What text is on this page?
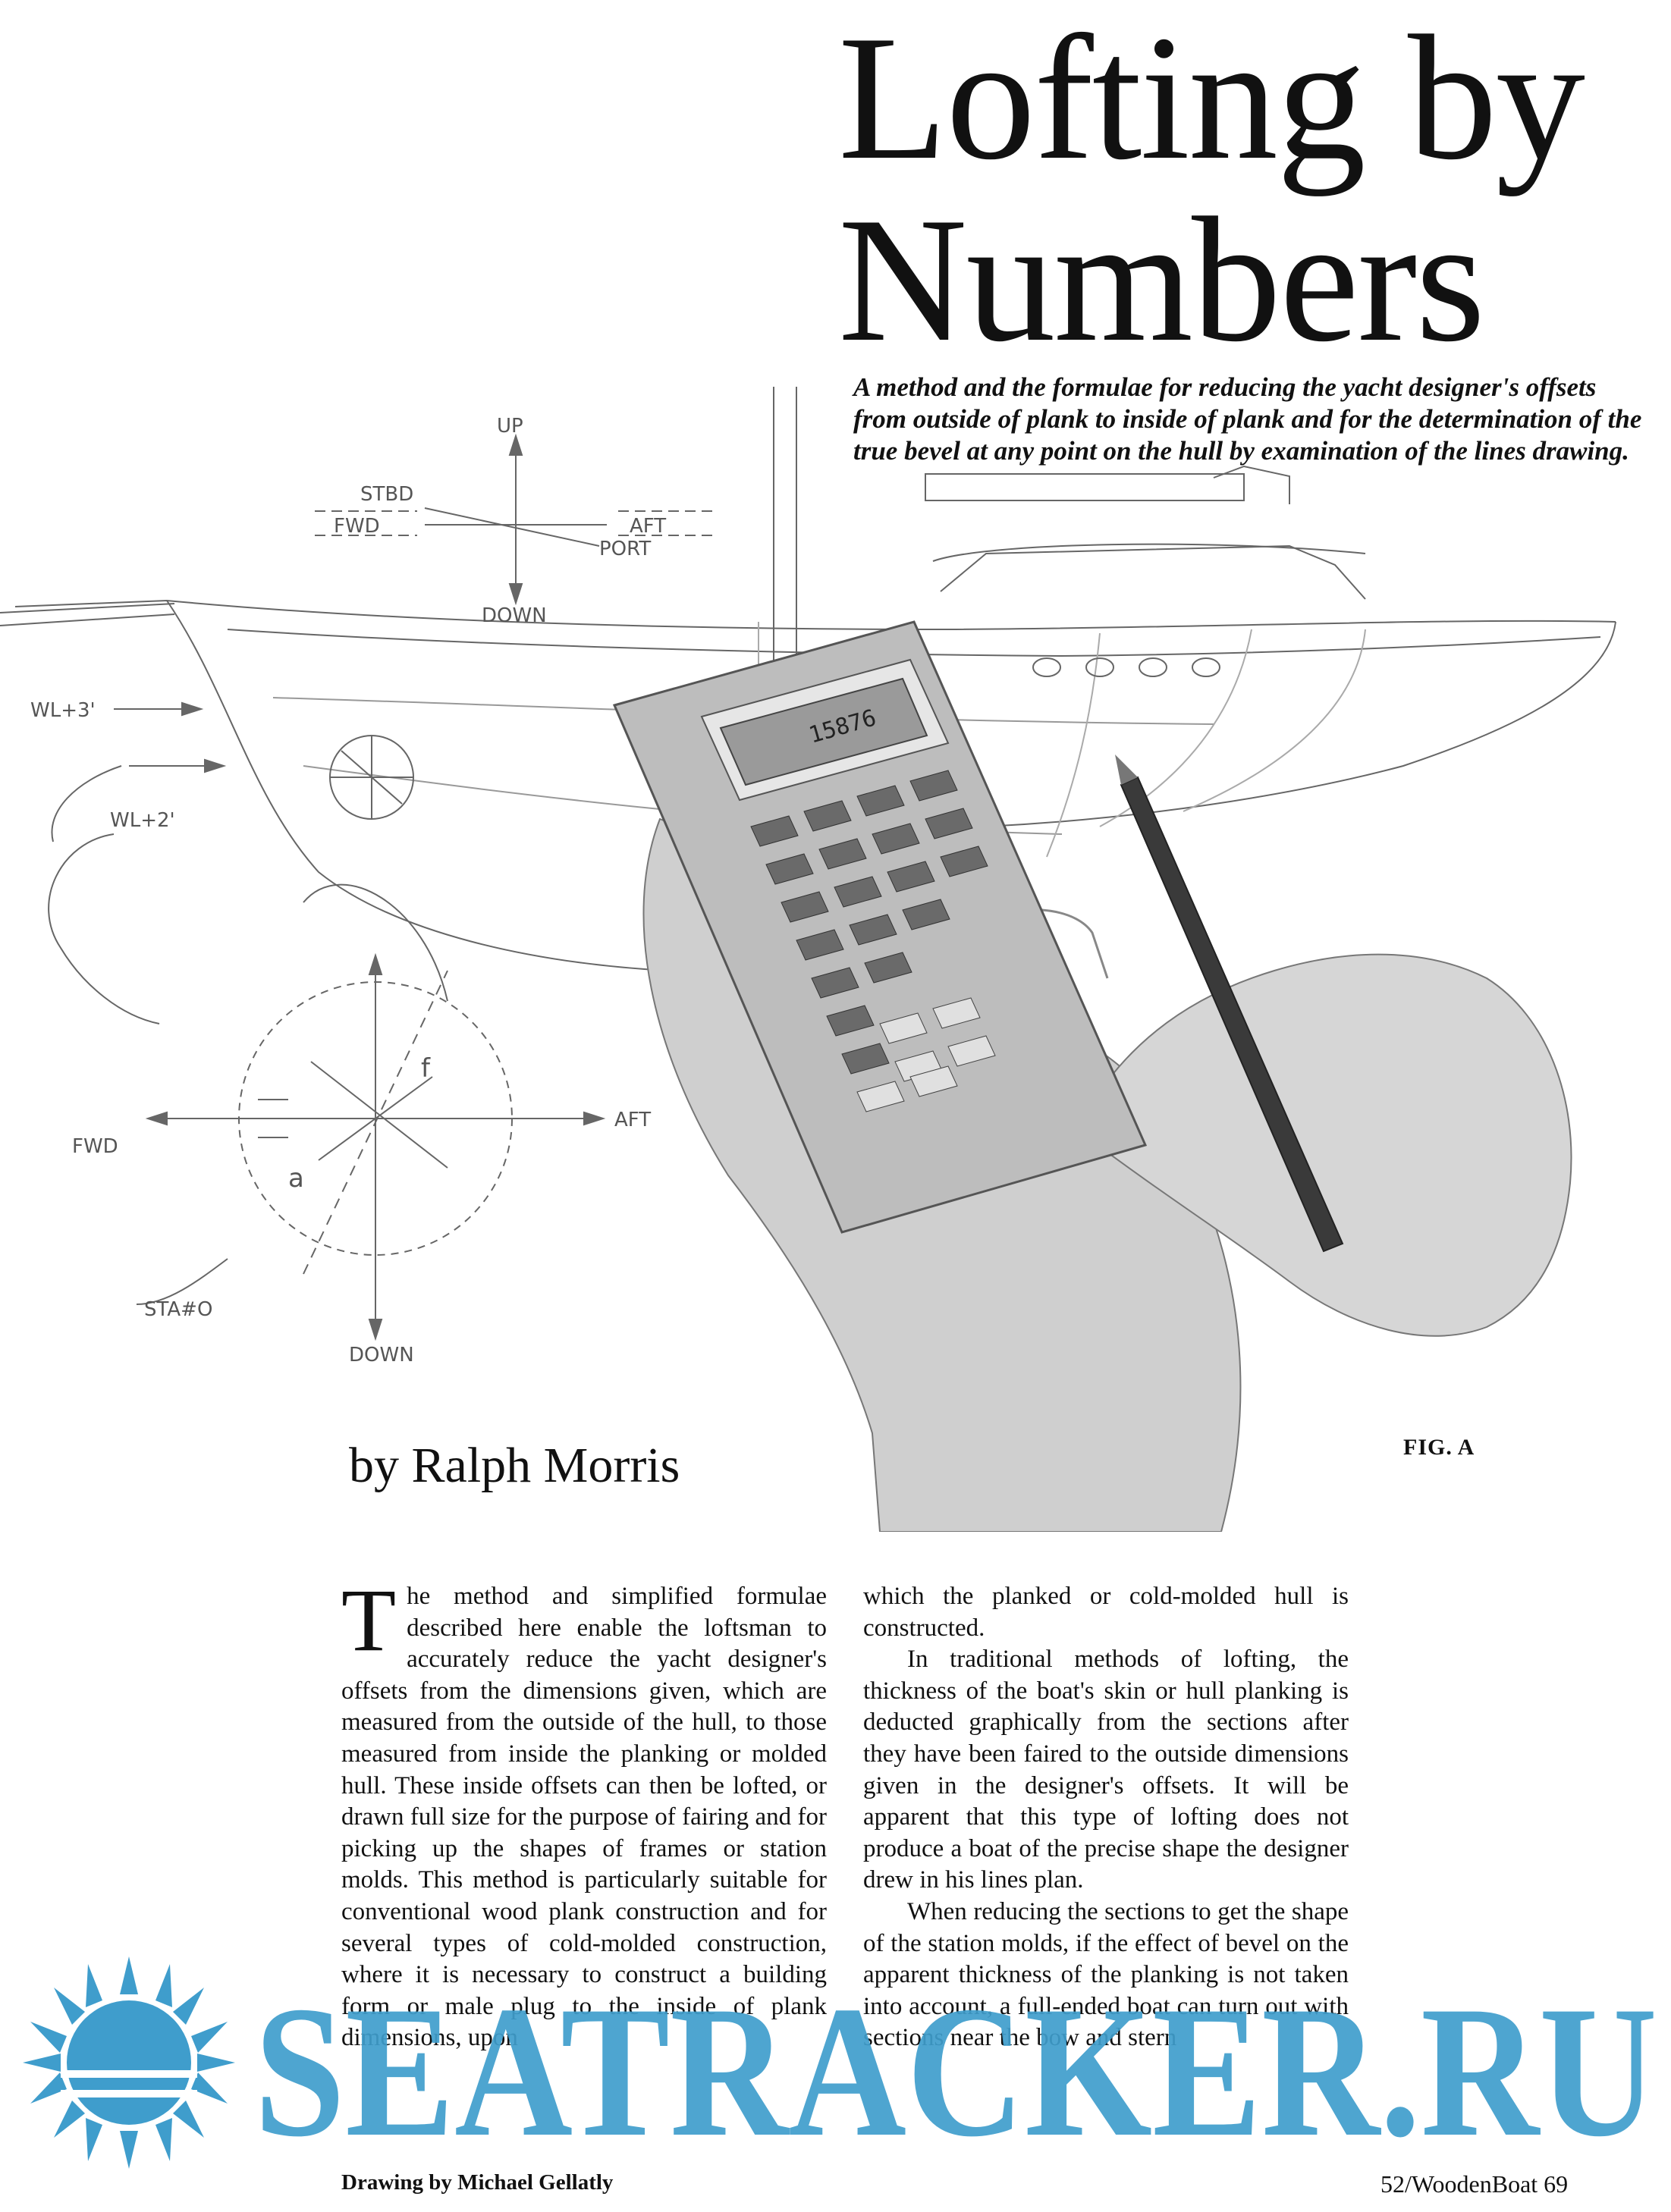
Lofting by
Numbers
UP
STBD
FWD	AFT
PORT
DOWN
WL+3'
WL+2'
f
FWD
AFT
a
STA#O
DOWN
15876

A method and the formulae for reducing the yacht designer's offsets from outside of plank to inside of plank and for the determination of the true bevel at any point on the hull by examination of the lines drawing.

by Ralph Morris	FIG. A

The method and simplified formulae described here enable the loftsman to accurately reduce the yacht designer's offsets from the dimensions given, which are measured from the outside of the hull, to those measured from inside the planking or molded hull. These inside offsets can then be lofted, or drawn full size for the purpose of fairing and for picking up the shapes of frames or station molds. This method is particularly suitable for conventional wood plank construction and for several types of cold-molded construction, where it is necessary to construct a building form or male plug to the inside of plank dimensions, upon

which the planked or cold-molded hull is constructed.

In traditional methods of lofting, the thickness of the boat's skin or hull planking is deducted graphically from the sections after they have been faired to the outside dimensions given in the designer's offsets. It will be apparent that this type of lofting does not produce a boat of the precise shape the designer drew in his lines plan.

When reducing the sections to get the shape of the station molds, if the effect of bevel on the apparent thickness of the planking is not taken into account, a full-ended boat can turn out with sections near the bow and stern

SEATRACKER.RU
Drawing by Michael Gellatly	52/WoodenBoat 69
